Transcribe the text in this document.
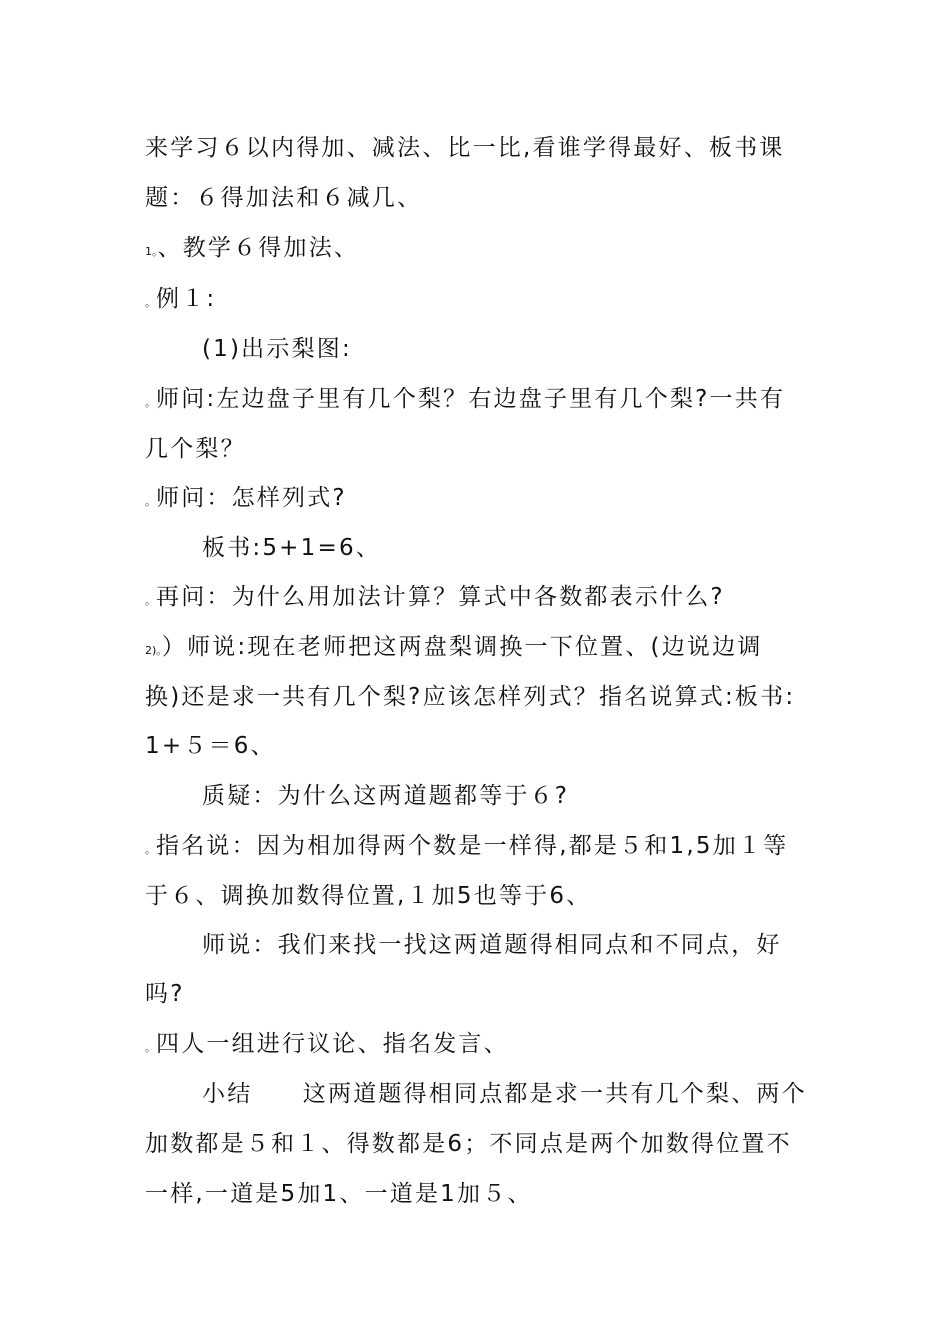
来学习６以内得加、减法、比一比,看谁学得最好、板书课
题：６得加法和６减几、
1。、教学６得加法、
。例１:
(1)出示梨图:
。师问:左边盘子里有几个梨？右边盘子里有几个梨?一共有
几个梨？
。师问：怎样列式?
板书:5+1=6、
。再问：为什么用加法计算？算式中各数都表示什么?
2)。）师说:现在老师把这两盘梨调换一下位置、(边说边调
换)还是求一共有几个梨?应该怎样列式？指名说算式:板书:
1+５＝6、
质疑：为什么这两道题都等于６?
。指名说：因为相加得两个数是一样得,都是５和1,5加１等
于６、调换加数得位置,１加5也等于6、
师说：我们来找一找这两道题得相同点和不同点，好
吗?
。四人一组进行议论、指名发言、
小结　　这两道题得相同点都是求一共有几个梨、两个
加数都是５和１、得数都是6；不同点是两个加数得位置不
一样,一道是5加1、一道是1加５、
